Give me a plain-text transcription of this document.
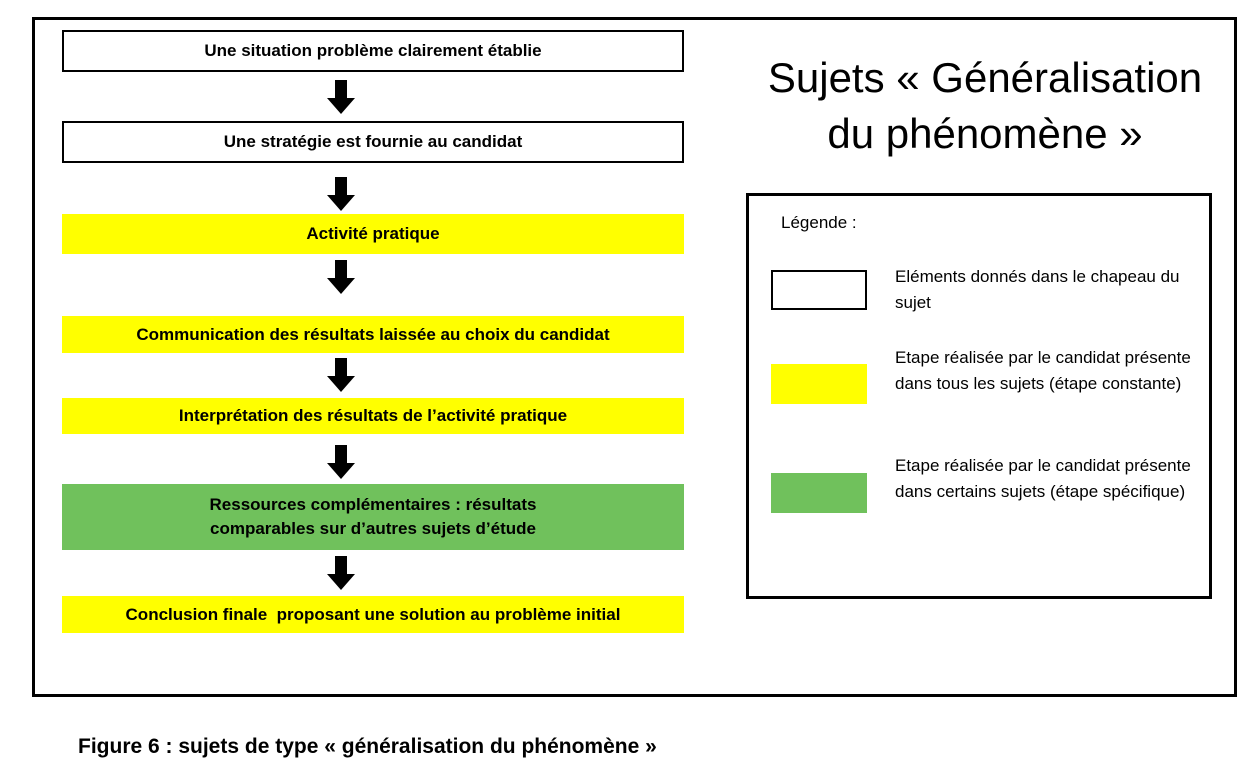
Une situation problème clairement établie
Une stratégie est fournie au candidat
Activité pratique
Communication des résultats laissée au choix du candidat
Interprétation des résultats de l’activité pratique
Ressources complémentaires : résultats comparables sur d’autres sujets d’étude
Conclusion finale  proposant une solution au problème initial
Sujets « Généralisation du phénomène »
Légende :
Eléments donnés dans le chapeau du sujet
Etape réalisée par le candidat présente dans tous les sujets (étape constante)
Etape réalisée par le candidat présente dans certains sujets (étape spécifique)
Figure 6 : sujets de type « généralisation du phénomène »
